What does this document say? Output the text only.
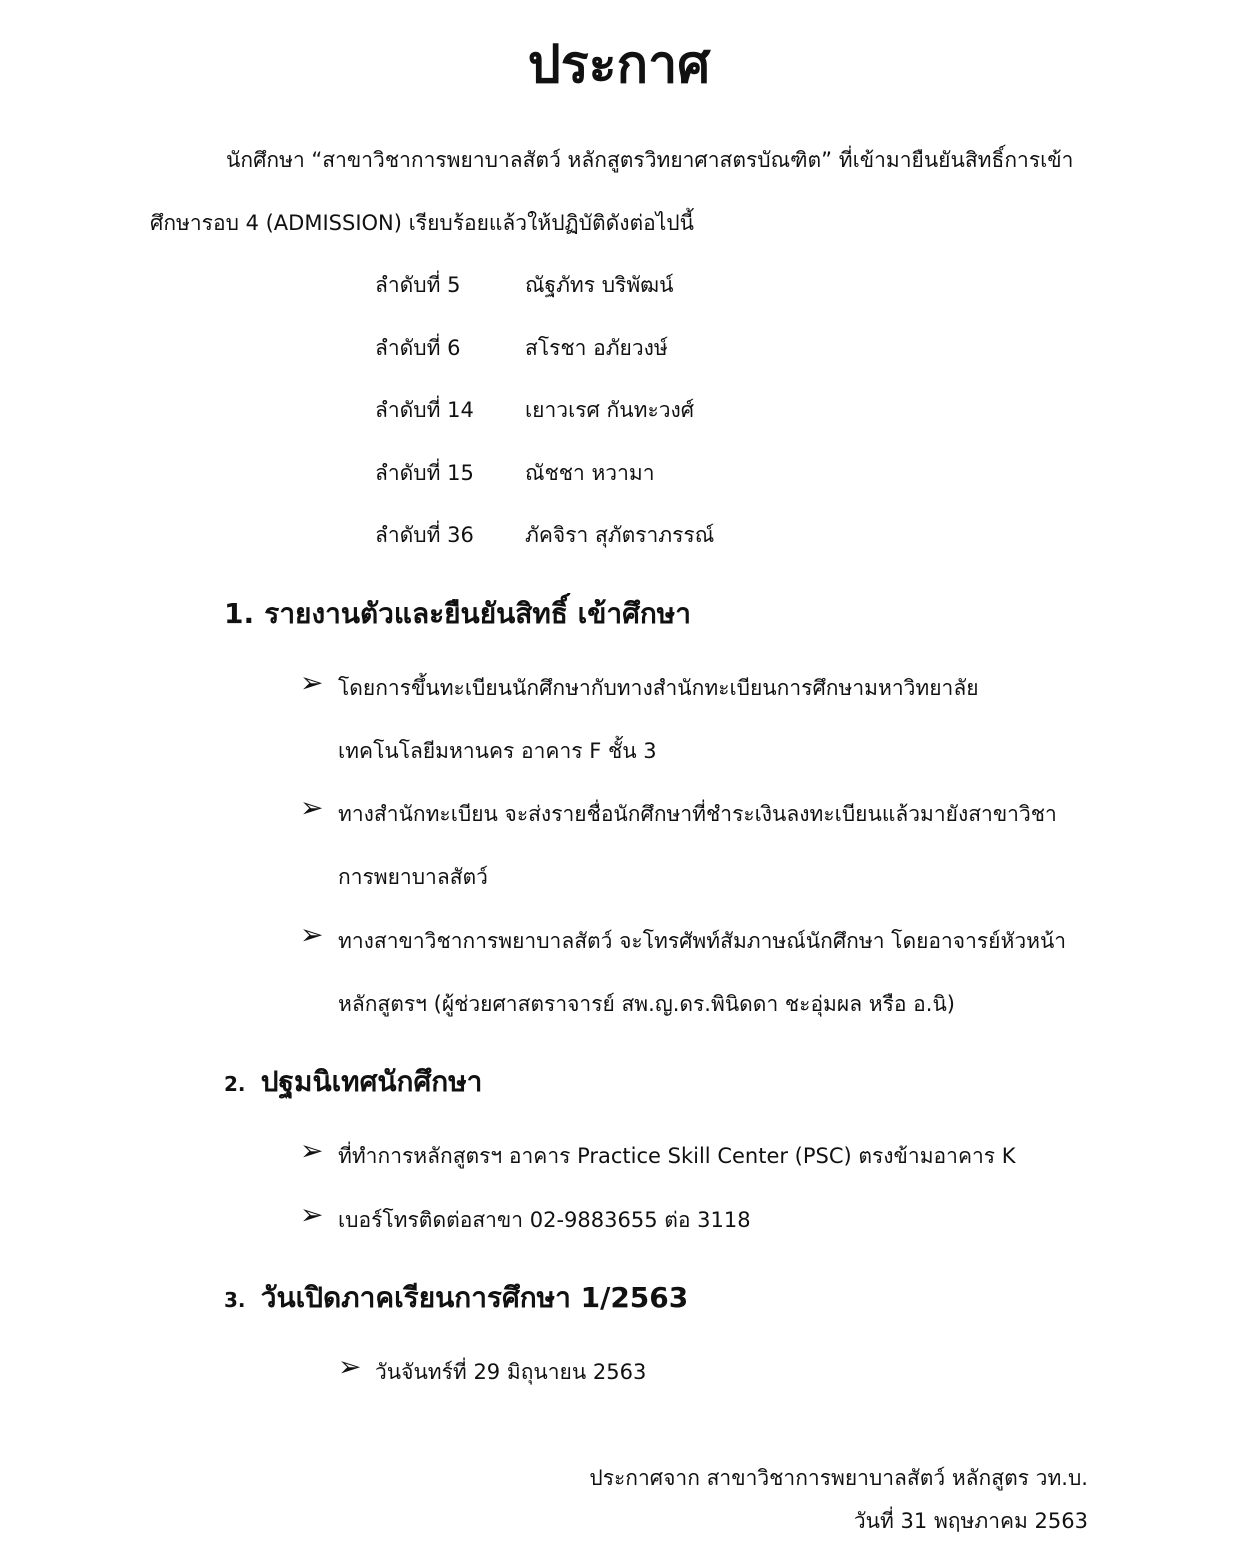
ประกาศ
นักศึกษา “สาขาวิชาการพยาบาลสัตว์ หลักสูตรวิทยาศาสตรบัณฑิต” ที่เข้ามายืนยันสิทธิ์การเข้า
ศึกษารอบ 4 (ADMISSION) เรียบร้อยแล้วให้ปฏิบัติดังต่อไปนี้
ลำดับที่ 5	ณัฐภัทร บริพัฒน์
ลำดับที่ 6	สโรชา อภัยวงษ์
ลำดับที่ 14 เยาวเรศ กันทะวงศ์
ลำดับที่ 15 ณัชชา หวามา
ลำดับที่ 36 ภัคจิรา สุภัตราภรรณ์
1. รายงานตัวและยืนยันสิทธิ์ เข้าศึกษา
➢ โดยการขึ้นทะเบียนนักศึกษากับทางสำนักทะเบียนการศึกษามหาวิทยาลัย
เทคโนโลยีมหานคร อาคาร F ชั้น 3
➢ ทางสำนักทะเบียน จะส่งรายชื่อนักศึกษาที่ชำระเงินลงทะเบียนแล้วมายังสาขาวิชา
การพยาบาลสัตว์
➢ ทางสาขาวิชาการพยาบาลสัตว์ จะโทรศัพท์สัมภาษณ์นักศึกษา โดยอาจารย์หัวหน้า
หลักสูตรฯ (ผู้ช่วยศาสตราจารย์ สพ.ญ.ดร.พินิดดา ชะอุ่มผล หรือ อ.นิ)
2. ปฐมนิเทศนักศึกษา
➢ ที่ทำการหลักสูตรฯ อาคาร Practice Skill Center (PSC) ตรงข้ามอาคาร K
➢ เบอร์โทรติดต่อสาขา 02-9883655 ต่อ 3118
3. วันเปิดภาคเรียนการศึกษา 1/2563
➢ วันจันทร์ที่ 29 มิถุนายน 2563
ประกาศจาก สาขาวิชาการพยาบาลสัตว์ หลักสูตร วท.บ.
วันที่ 31 พฤษภาคม 2563
